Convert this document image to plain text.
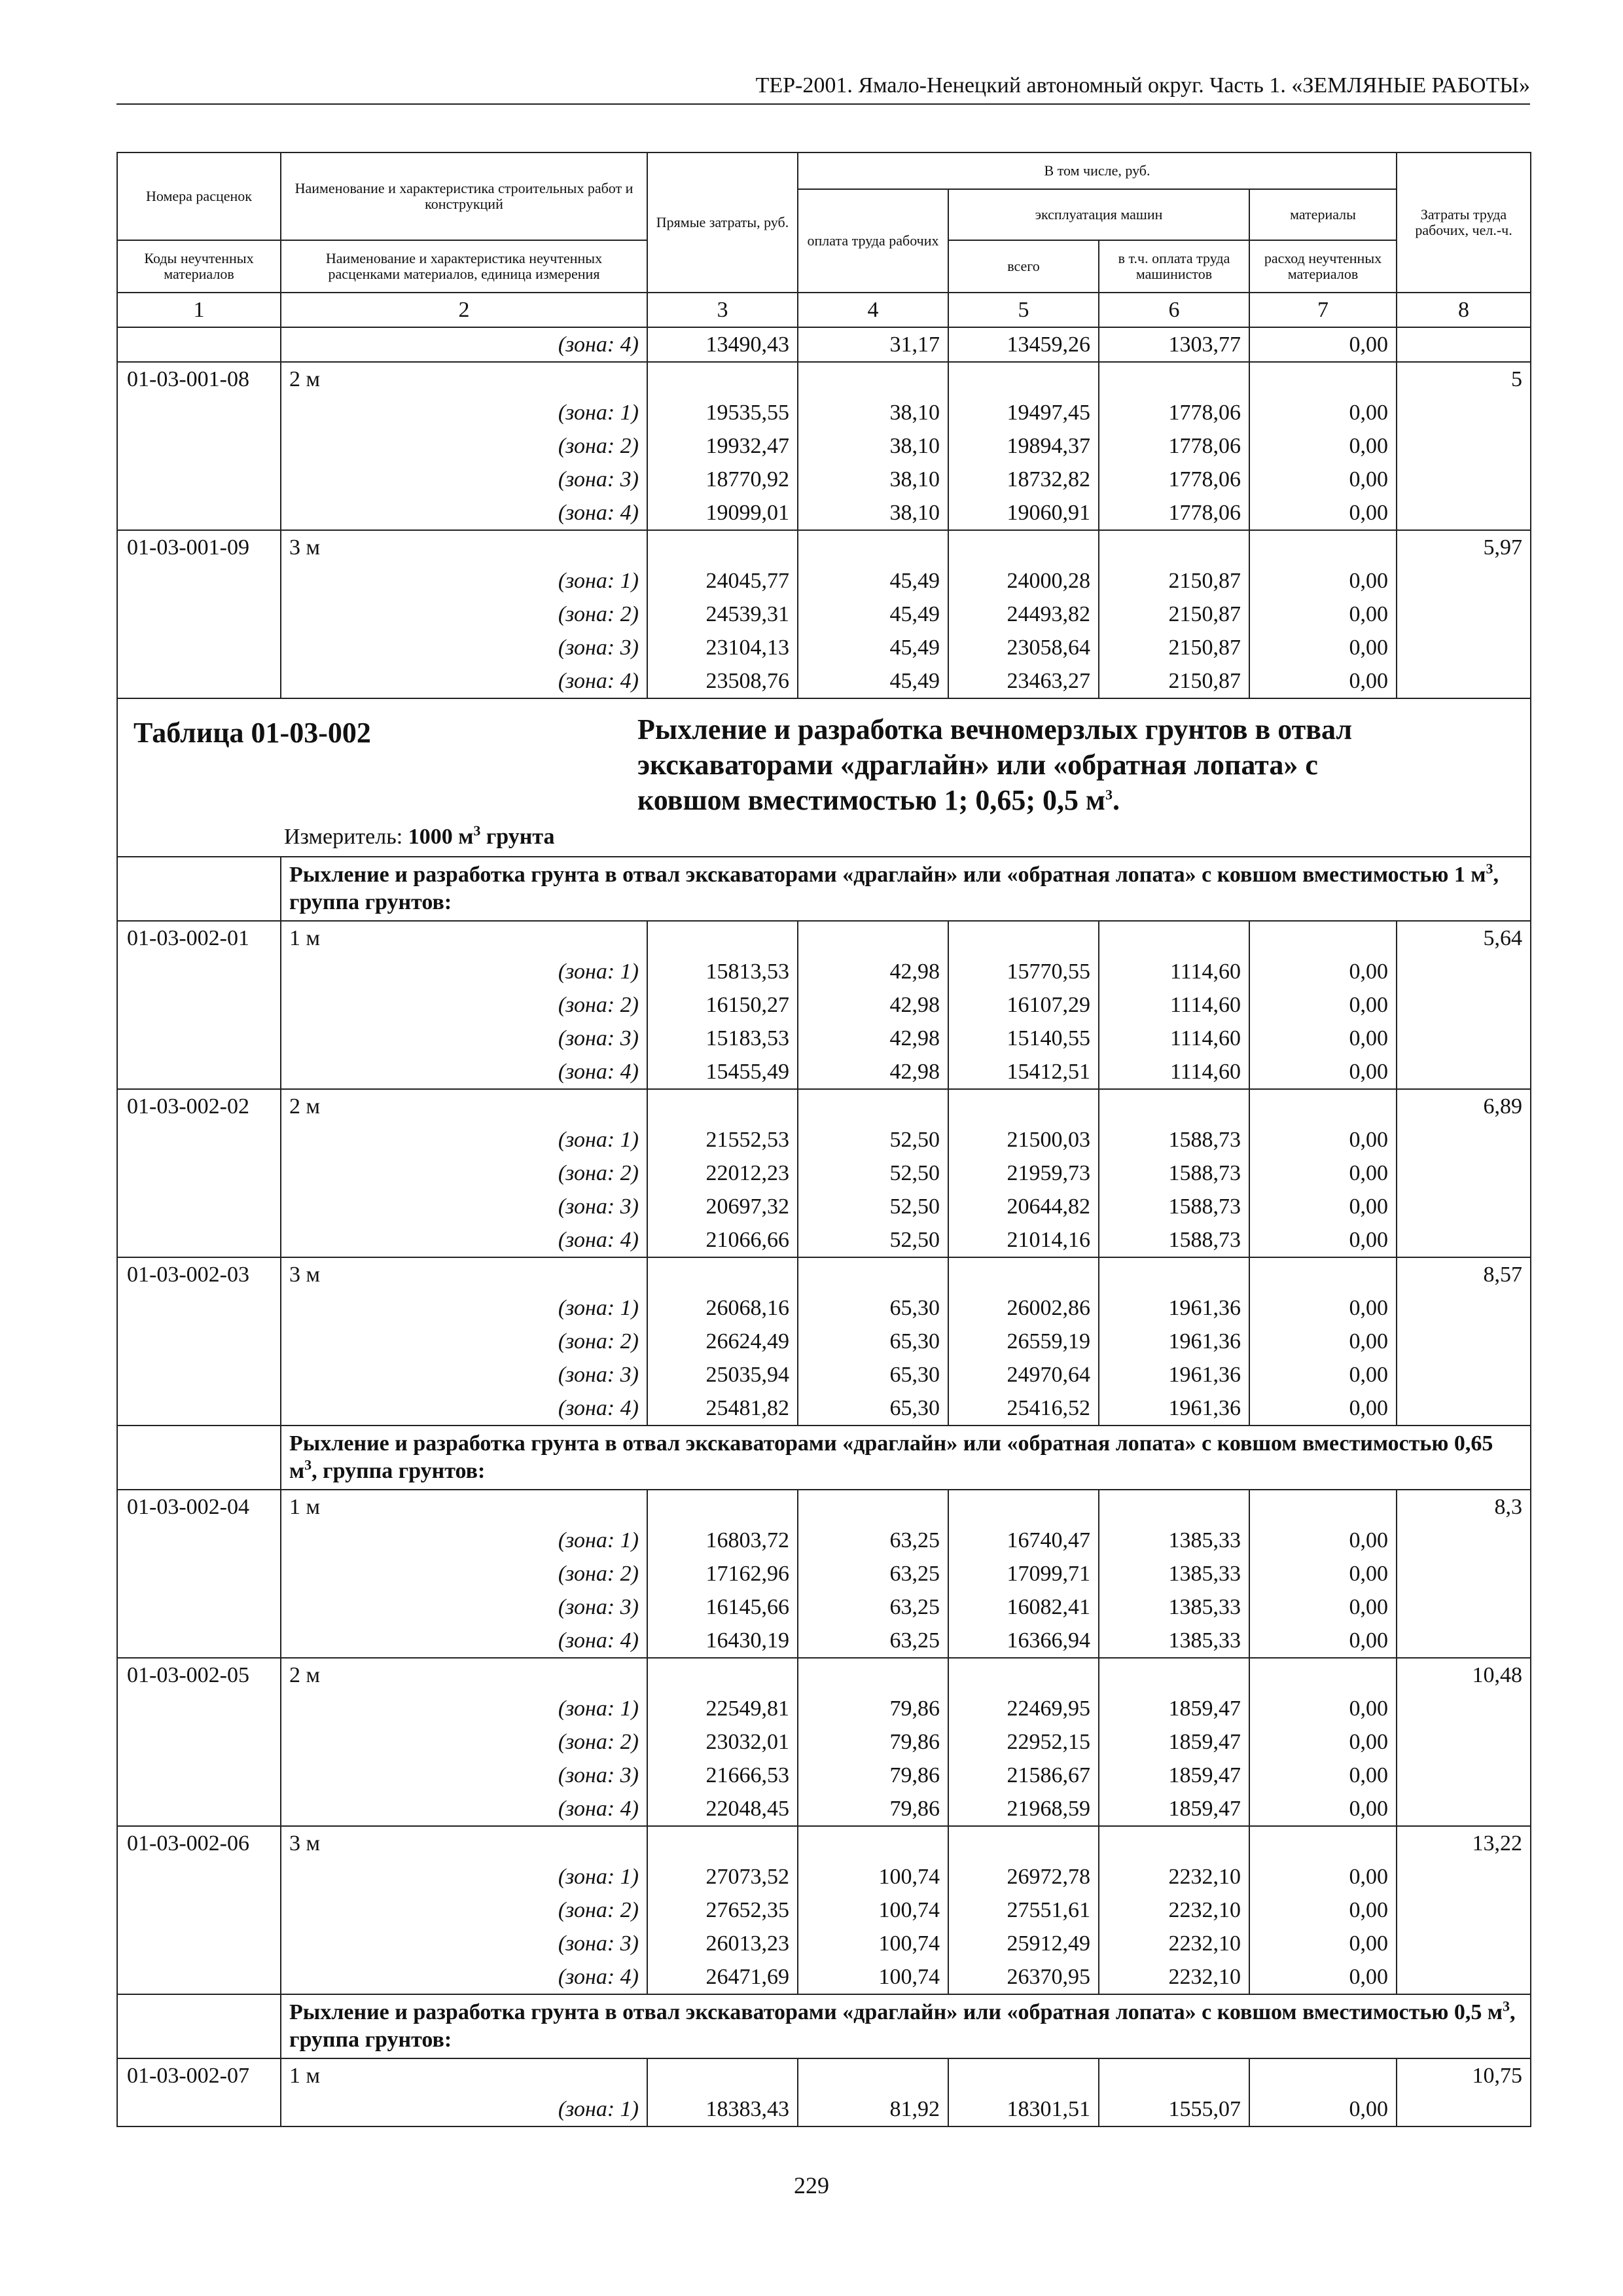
ТЕР-2001. Ямало-Ненецкий автономный округ. Часть 1. «ЗЕМЛЯНЫЕ РАБОТЫ»
Номера расценок	Наименование и характеристика строительных работ и конструкций	Прямые затраты, руб.	В том числе, руб.				Затраты труда рабочих, чел.-ч.
			оплата труда рабочих	эксплуатация машин		материалы	
Коды неучтенных материалов	Наименование и характеристика неучтенных расценками материалов, единица измерения			всего	в т.ч. оплата труда машинистов	расход неучтенных материалов	

1	2	3	4	5	6	7	8
	(зона: 4)	13490,43	31,17	13459,26	1303,77	0,00	
01-03-001-08	2 м						5
	(зона: 1)	19535,55	38,10	19497,45	1778,06	0,00	
	(зона: 2)	19932,47	38,10	19894,37	1778,06	0,00	
	(зона: 3)	18770,92	38,10	18732,82	1778,06	0,00	
	(зона: 4)	19099,01	38,10	19060,91	1778,06	0,00	
01-03-001-09	3 м						5,97
	(зона: 1)	24045,77	45,49	24000,28	2150,87	0,00	
	(зона: 2)	24539,31	45,49	24493,82	2150,87	0,00	
	(зона: 3)	23104,13	45,49	23058,64	2150,87	0,00	
	(зона: 4)	23508,76	45,49	23463,27	2150,87	0,00	
Таблица 01-03-002 Рыхление и разработка вечномерзлых грунтов в отвал экскаваторами «драглайн» или «обратная лопата» с ковшом вместимостью 1; 0,65; 0,5 $м^3$.
Измеритель: 1000 $м^3$ грунта							

	Рыхление и разработка грунта в отвал экскаваторами «драглайн» или «обратная лопата» с ковшом вместимостью 1 $м^3$, группа грунтов:						
01-03-002-01	1 м						5,64
	(зона: 1)	15813,53	42,98	15770,55	1114,60	0,00	
	(зона: 2)	16150,27	42,98	16107,29	1114,60	0,00	
	(зона: 3)	15183,53	42,98	15140,55	1114,60	0,00	
	(зона: 4)	15455,49	42,98	15412,51	1114,60	0,00	
01-03-002-02	2 м						6,89
	(зона: 1)	21552,53	52,50	21500,03	1588,73	0,00	
	(зона: 2)	22012,23	52,50	21959,73	1588,73	0,00	
	(зона: 3)	20697,32	52,50	20644,82	1588,73	0,00	
	(зона: 4)	21066,66	52,50	21014,16	1588,73	0,00	
01-03-002-03	3 м						8,57
	(зона: 1)	26068,16	65,30	26002,86	1961,36	0,00	
	(зона: 2)	26624,49	65,30	26559,19	1961,36	0,00	
	(зона: 3)	25035,94	65,30	24970,64	1961,36	0,00	
	(зона: 4)	25481,82	65,30	25416,52	1961,36	0,00	
	Рыхление и разработка грунта в отвал экскаваторами «драглайн» или «обратная лопата» с ковшом вместимостью 0,65 $м^3$, группа грунтов:						
01-03-002-04	1 м						8,3
	(зона: 1)	16803,72	63,25	16740,47	1385,33	0,00	
	(зона: 2)	17162,96	63,25	17099,71	1385,33	0,00	
	(зона: 3)	16145,66	63,25	16082,41	1385,33	0,00	
	(зона: 4)	16430,19	63,25	16366,94	1385,33	0,00	
01-03-002-05	2 м						10,48
	(зона: 1)	22549,81	79,86	22469,95	1859,47	0,00	
	(зона: 2)	23032,01	79,86	22952,15	1859,47	0,00	
	(зона: 3)	21666,53	79,86	21586,67	1859,47	0,00	
	(зона: 4)	22048,45	79,86	21968,59	1859,47	0,00	
01-03-002-06	3 м						13,22
	(зона: 1)	27073,52	100,74	26972,78	2232,10	0,00	
	(зона: 2)	27652,35	100,74	27551,61	2232,10	0,00	
	(зона: 3)	26013,23	100,74	25912,49	2232,10	0,00	
	(зона: 4)	26471,69	100,74	26370,95	2232,10	0,00	
	Рыхление и разработка грунта в отвал экскаваторами «драглайн» или «обратная лопата» с ковшом вместимостью 0,5 $м^3$, группа грунтов:						
01-03-002-07	1 м						10,75
	(зона: 1)	18383,43	81,92	18301,51	1555,07	0,00	
229
